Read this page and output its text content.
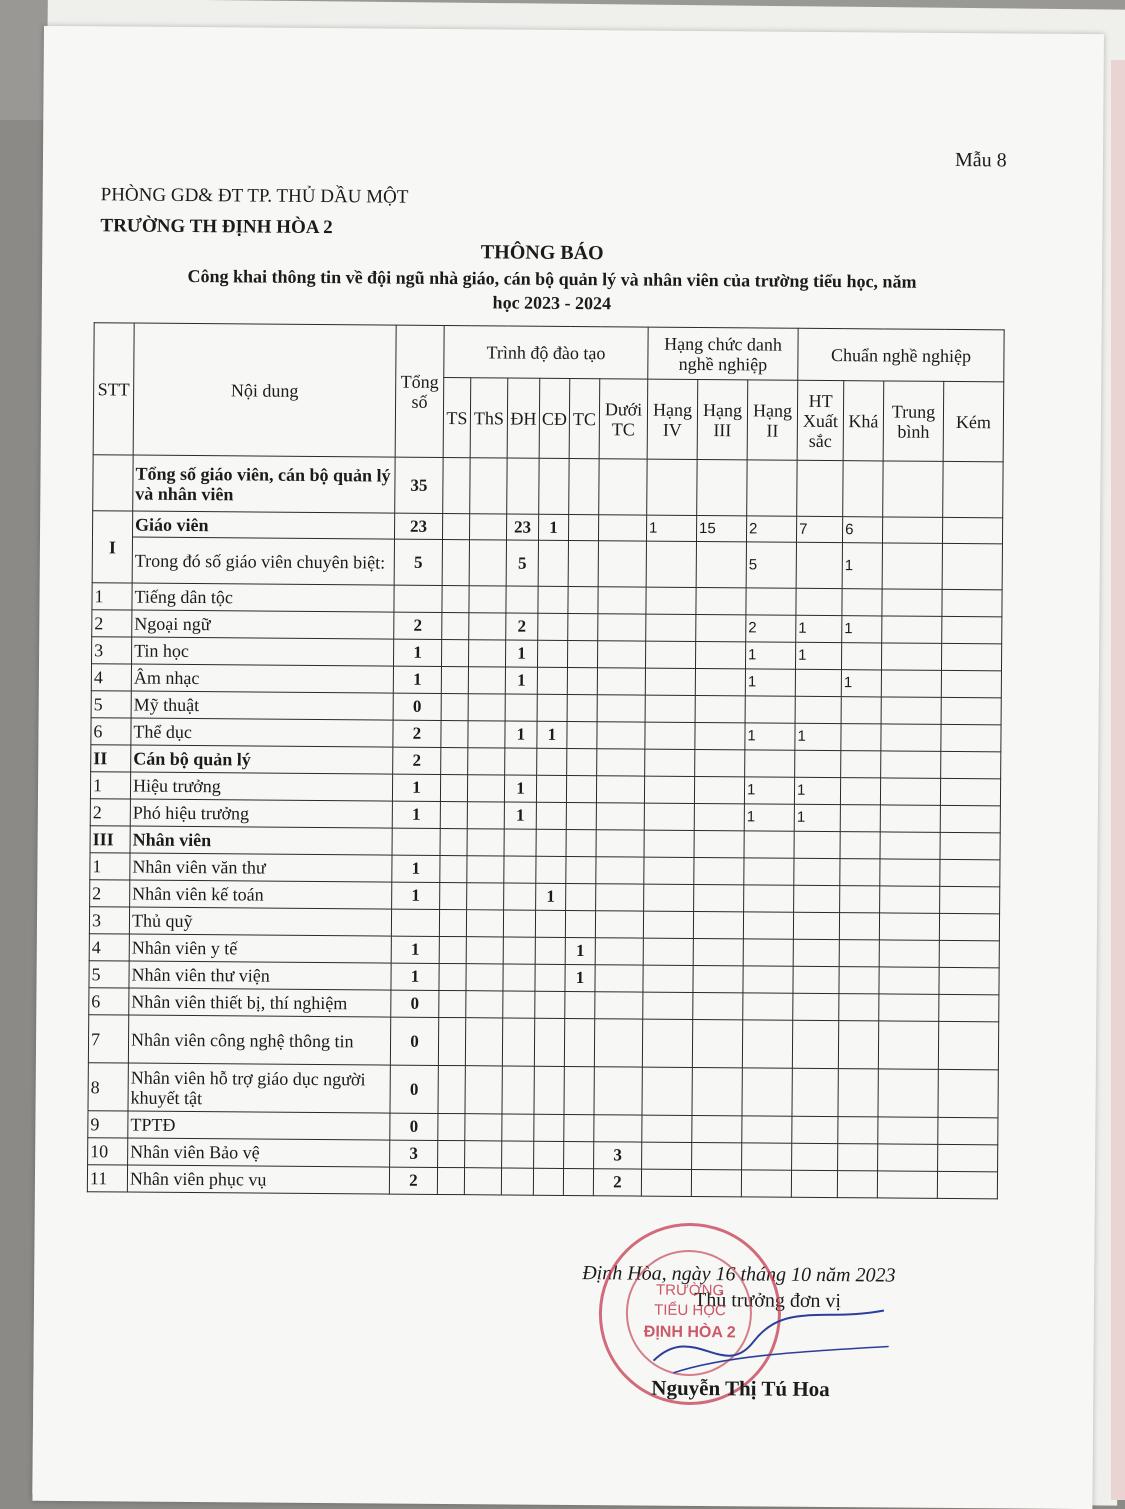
Mẫu 8
PHÒNG GD& ĐT TP. THỦ DẦU MỘT
TRƯỜNG TH ĐỊNH HÒA 2
THÔNG BÁO
Công khai thông tin về đội ngũ nhà giáo, cán bộ quản lý và nhân viên của trường tiểu học, năm
học 2023 - 2024
STT	Nội dung	Tổng số	Trình độ đào tạo						Hạng chức danh nghề nghiệp			Chuẩn nghề nghiệp			
			TS	ThS	ĐH	CĐ	TC	Dưới TC	Hạng IV	Hạng III	Hạng II	HT Xuất sắc	Khá	Trung bình	Kém
	Tổng số giáo viên, cán bộ quản lý và nhân viên	35													
I	Giáo viên	23			23	1			1	15	2	7	6		
	Trong đó số giáo viên chuyên biệt:	5			5						5		1		
1	Tiếng dân tộc														
2	Ngoại ngữ	2			2						2	1	1		
3	Tin học	1			1						1	1			
4	Âm nhạc	1			1						1		1		
5	Mỹ thuật	0													
6	Thể dục	2			1	1					1	1			
II	Cán bộ quản lý	2													
1	Hiệu trưởng	1			1						1	1			
2	Phó hiệu trưởng	1			1						1	1			
III	Nhân viên														
1	Nhân viên văn thư	1													
2	Nhân viên kế toán	1				1									
3	Thủ quỹ														
4	Nhân viên y tế	1					1								
5	Nhân viên thư viện	1					1								
6	Nhân viên thiết bị, thí nghiệm	0													
7	Nhân viên công nghệ thông tin	0													
8	Nhân viên hỗ trợ giáo dục người khuyết tật	0													
9	TPTĐ	0													
10	Nhân viên Bảo vệ	3						3							
11	Nhân viên phục vụ	2						2							
Định Hòa, ngày 16 tháng 10 năm 2023
Thủ trưởng đơn vị
TRƯỜNG
TIỂU HỌC
ĐỊNH HÒA 2
Nguyễn Thị Tú Hoa
